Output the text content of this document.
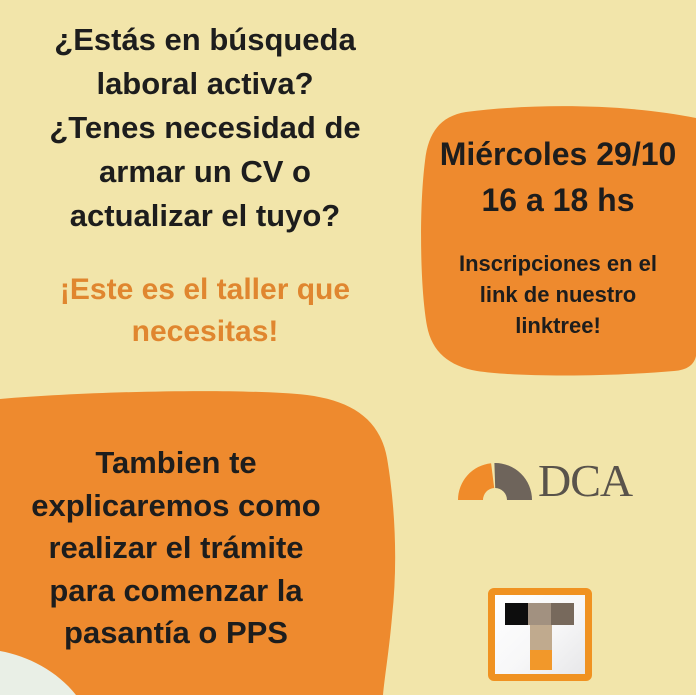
¿Estás en búsqueda
laboral activa?
¿Tenes necesidad de
armar un CV o
actualizar el tuyo?
¡Este es el taller que
necesitas!
Miércoles 29/10
16 a 18 hs
Inscripciones en el
link de nuestro
linktree!
Tambien te
explicaremos como
realizar el trámite
para comenzar la
pasantía o PPS
DCA
